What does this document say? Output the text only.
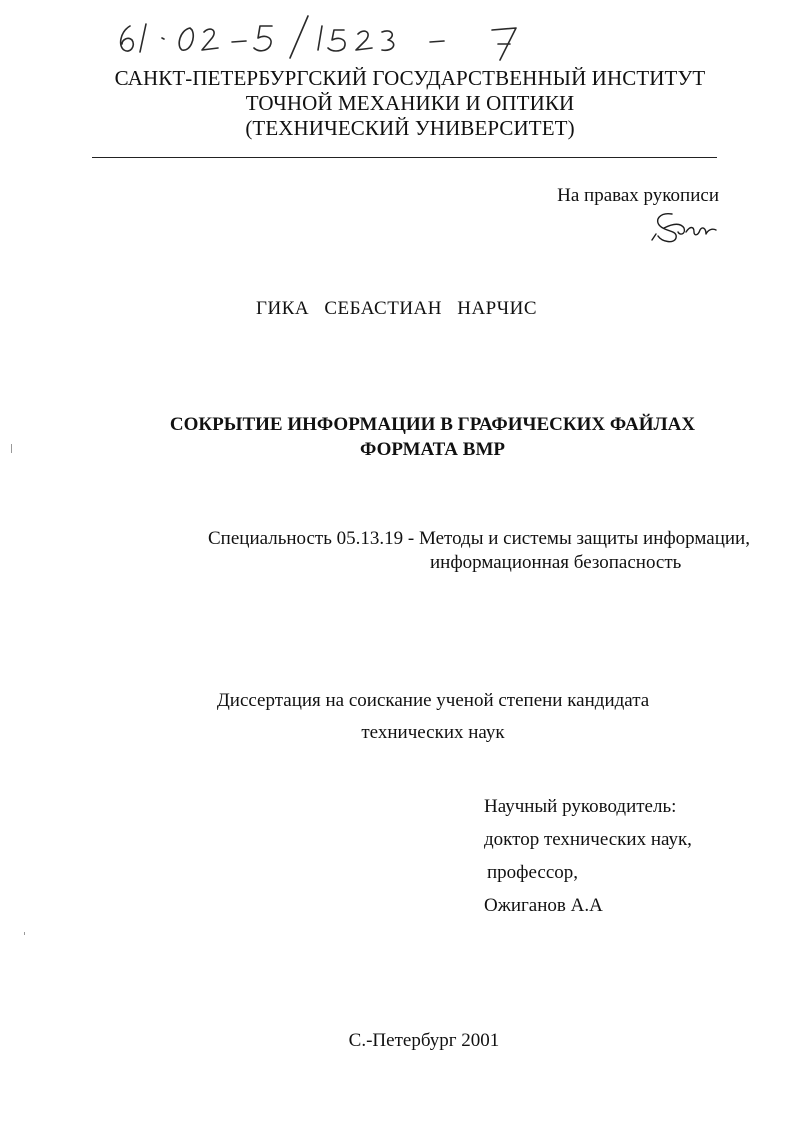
САНКТ-ПЕТЕРБУРГСКИЙ ГОСУДАРСТВЕННЫЙ ИНСТИТУТ
ТОЧНОЙ МЕХАНИКИ И ОПТИКИ
(ТЕХНИЧЕСКИЙ УНИВЕРСИТЕТ)
На правах рукописи
ГИКА СЕБАСТИАН НАРЧИС
СОКРЫТИЕ ИНФОРМАЦИИ В ГРАФИЧЕСКИХ ФАЙЛАХ
ФОРМАТА ВМР
Специальность 05.13.19 - Методы и системы защиты информации,
информационная безопасность
Диссертация на соискание ученой степени кандидата
технических наук
Научный руководитель:
доктор технических наук,
профессор,
Ожиганов А.А
С.-Петербург 2001
